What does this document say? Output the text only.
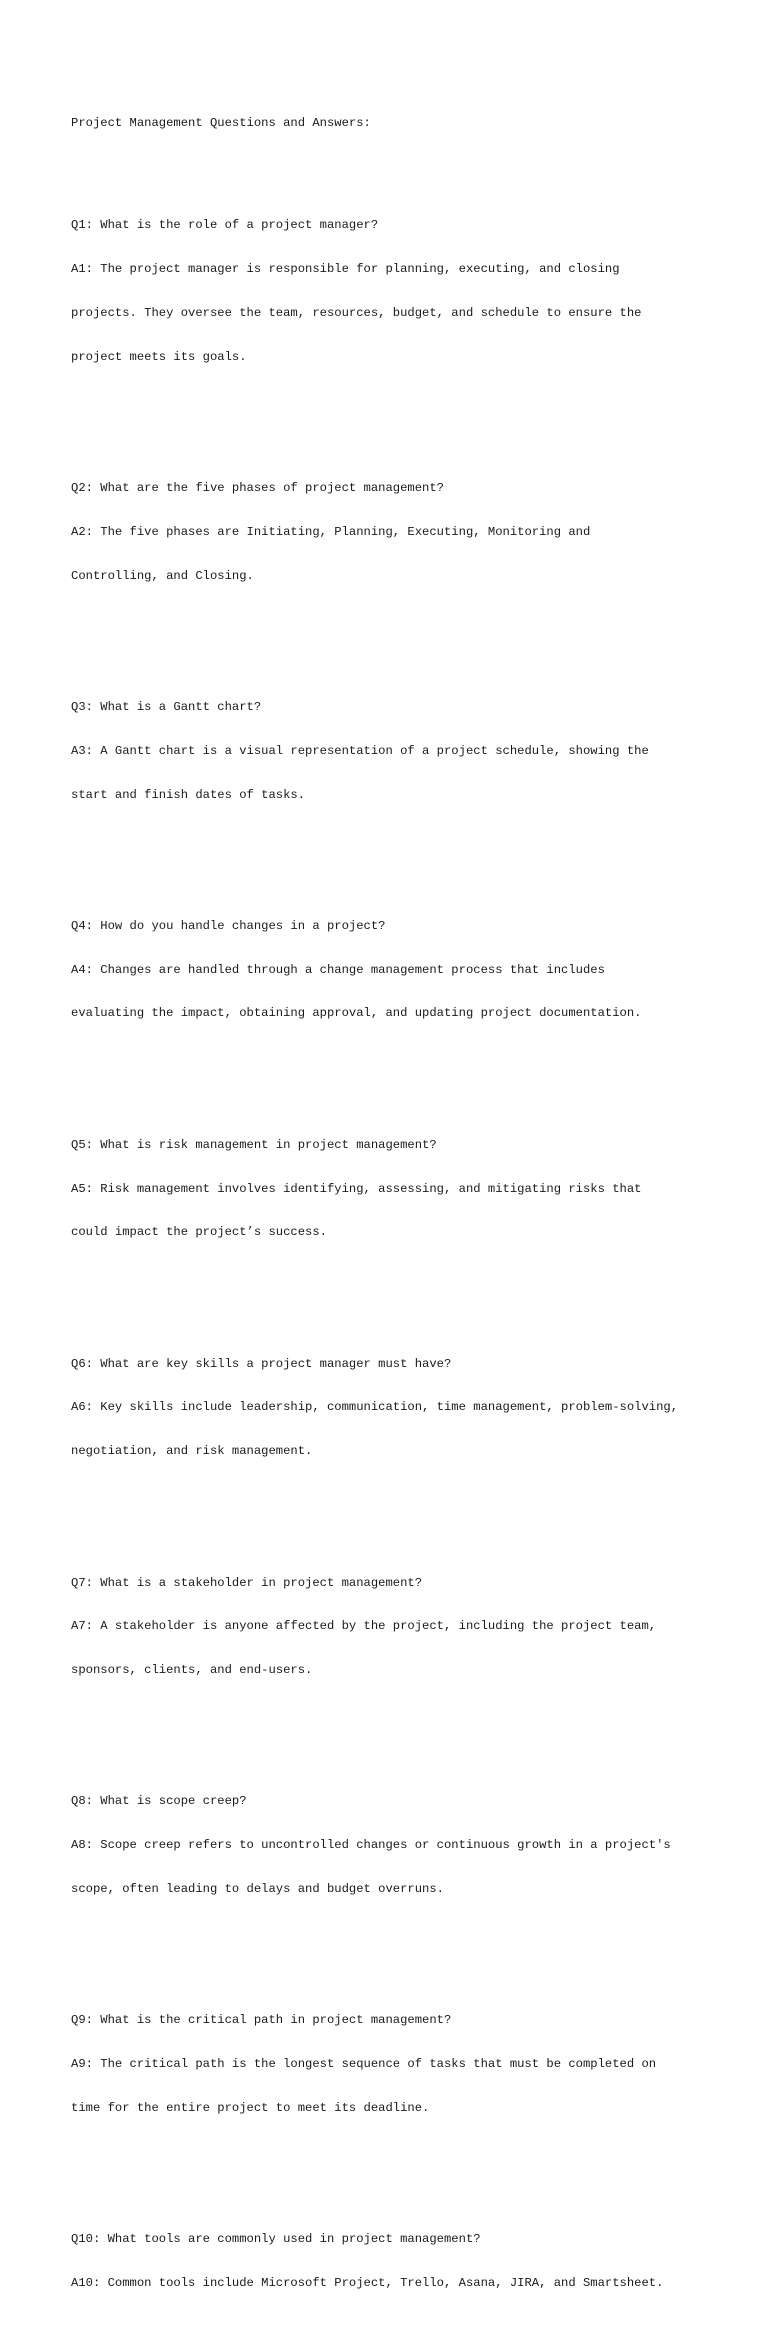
Project Management Questions and Answers:

Q1: What is the role of a project manager?

A1: The project manager is responsible for planning, executing, and closing

projects. They oversee the team, resources, budget, and schedule to ensure the

project meets its goals.

Q2: What are the five phases of project management?

A2: The five phases are Initiating, Planning, Executing, Monitoring and

Controlling, and Closing.

Q3: What is a Gantt chart?

A3: A Gantt chart is a visual representation of a project schedule, showing the

start and finish dates of tasks.

Q4: How do you handle changes in a project?

A4: Changes are handled through a change management process that includes

evaluating the impact, obtaining approval, and updating project documentation.

Q5: What is risk management in project management?

A5: Risk management involves identifying, assessing, and mitigating risks that

could impact the project’s success.

Q6: What are key skills a project manager must have?

A6: Key skills include leadership, communication, time management, problem-solving,

negotiation, and risk management.

Q7: What is a stakeholder in project management?

A7: A stakeholder is anyone affected by the project, including the project team,

sponsors, clients, and end-users.

Q8: What is scope creep?

A8: Scope creep refers to uncontrolled changes or continuous growth in a project's

scope, often leading to delays and budget overruns.

Q9: What is the critical path in project management?

A9: The critical path is the longest sequence of tasks that must be completed on

time for the entire project to meet its deadline.

Q10: What tools are commonly used in project management?

A10: Common tools include Microsoft Project, Trello, Asana, JIRA, and Smartsheet.
